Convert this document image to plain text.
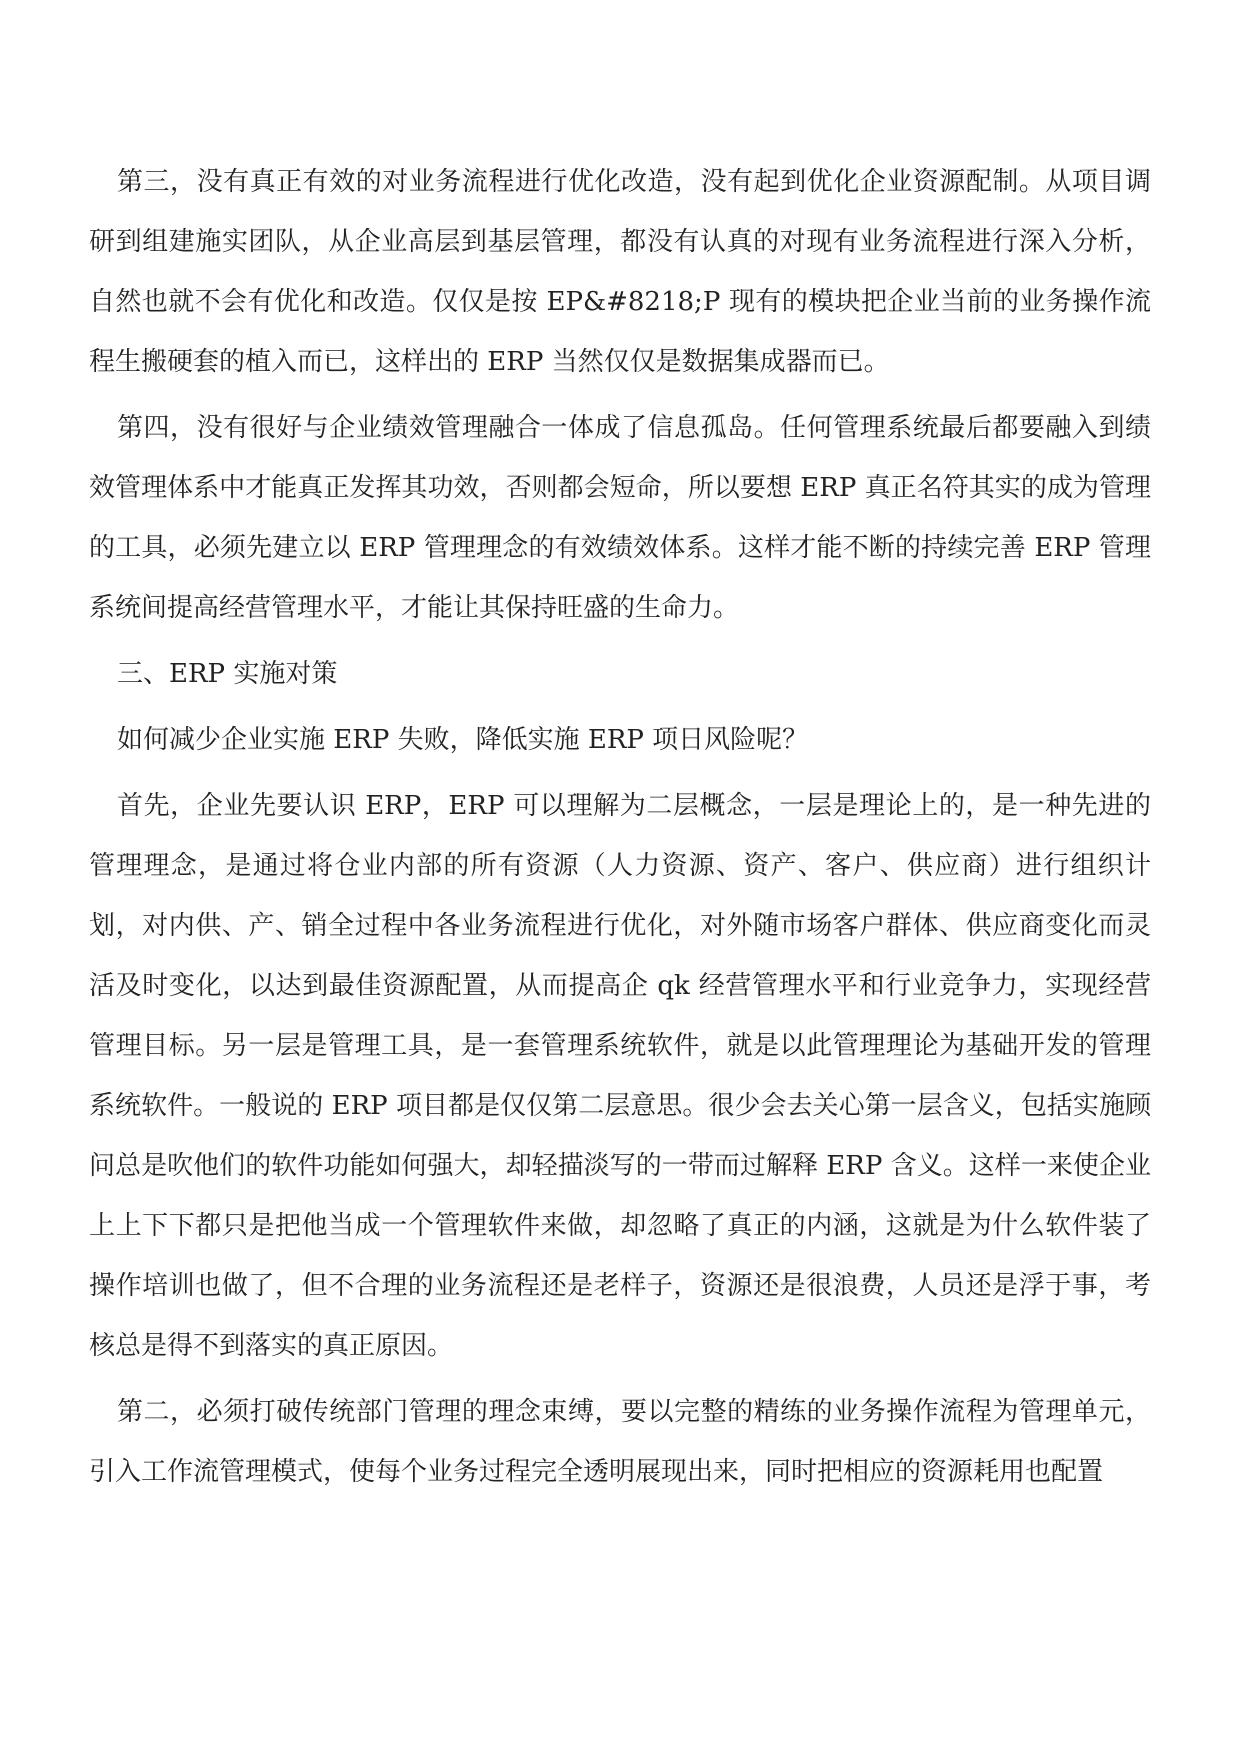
第三，没有真正有效的对业务流程进行优化改造，没有起到优化企业资源配制。从项目调研到组建施实团队，从企业高层到基层管理，都没有认真的对现有业务流程进行深入分析，自然也就不会有优化和改造。仅仅是按 EP&#8218;P 现有的模块把企业当前的业务操作流程生搬硬套的植入而已，这样出的 ERP 当然仅仅是数据集成器而已。

第四，没有很好与企业绩效管理融合一体成了信息孤岛。任何管理系统最后都要融入到绩效管理体系中才能真正发挥其功效，否则都会短命，所以要想 ERP 真正名符其实的成为管理的工具，必须先建立以 ERP 管理理念的有效绩效体系。这样才能不断的持续完善 ERP 管理系统间提高经营管理水平，才能让其保持旺盛的生命力。

三、ERP 实施对策

如何减少企业实施 ERP 失败，降低实施 ERP 项日风险呢？

首先，企业先要认识 ERP，ERP 可以理解为二层概念，一层是理论上的，是一种先进的管理理念，是通过将仓业内部的所有资源（人力资源、资产、客户、供应商）进行组织计划，对内供、产、销全过程中各业务流程进行优化，对外随市场客户群体、供应商变化而灵活及时变化，以达到最佳资源配置，从而提高企 qk 经营管理水平和行业竞争力，实现经营管理目标。另一层是管理工具，是一套管理系统软件，就是以此管理理论为基础开发的管理系统软件。一般说的 ERP 项目都是仅仅第二层意思。很少会去关心第一层含义，包括实施顾问总是吹他们的软件功能如何强大，却轻描淡写的一带而过解释 ERP 含义。这样一来使企业上上下下都只是把他当成一个管理软件来做，却忽略了真正的内涵，这就是为什么软件装了操作培训也做了，但不合理的业务流程还是老样子，资源还是很浪费，人员还是浮于事，考核总是得不到落实的真正原因。

第二，必须打破传统部门管理的理念束缚，要以完整的精练的业务操作流程为管理单元，引入工作流管理模式，使每个业务过程完全透明展现出来，同时把相应的资源耗用也配置
